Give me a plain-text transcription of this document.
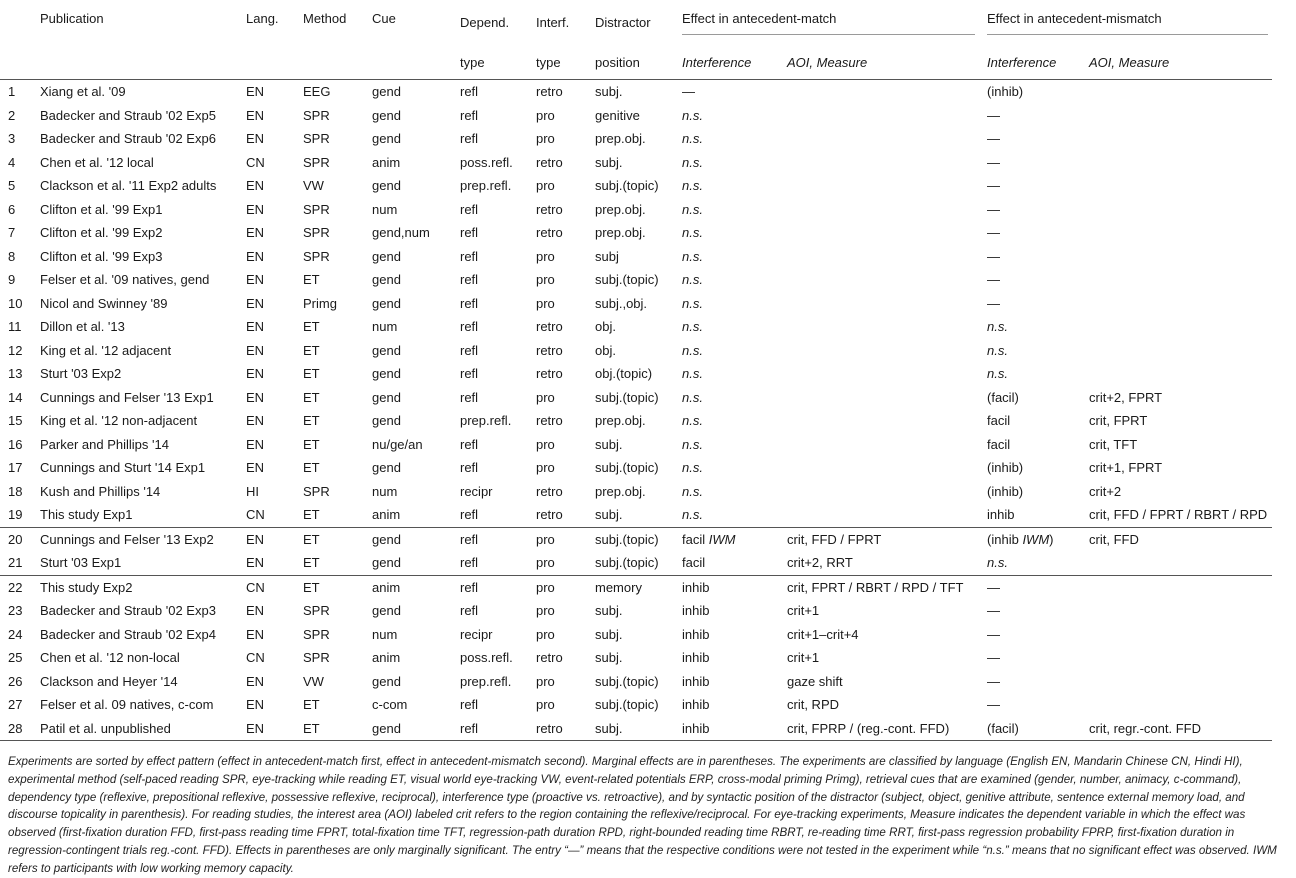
	Publication	Lang.	Method	Cue	Depend.	Interf.	Distractor	Effect in antecedent-match		Effect in antecedent-mismatch	

					type	type	position	Interference	AOI, Measure	Interference	AOI, Measure
1	Xiang et al. '09	EN	EEG	gend	refl	retro	subj.	—		(inhib)	
2	Badecker and Straub '02 Exp5	EN	SPR	gend	refl	pro	genitive	n.s.		—	
3	Badecker and Straub '02 Exp6	EN	SPR	gend	refl	pro	prep.obj.	n.s.		—	
4	Chen et al. '12 local	CN	SPR	anim	poss.refl.	retro	subj.	n.s.		—	
5	Clackson et al. '11 Exp2 adults	EN	VW	gend	prep.refl.	pro	subj.(topic)	n.s.		—	
6	Clifton et al. '99 Exp1	EN	SPR	num	refl	retro	prep.obj.	n.s.		—	
7	Clifton et al. '99 Exp2	EN	SPR	gend,num	refl	retro	prep.obj.	n.s.		—	
8	Clifton et al. '99 Exp3	EN	SPR	gend	refl	pro	subj	n.s.		—	
9	Felser et al. '09 natives, gend	EN	ET	gend	refl	pro	subj.(topic)	n.s.		—	
10	Nicol and Swinney '89	EN	Primg	gend	refl	pro	subj.,obj.	n.s.		—	
11	Dillon et al. '13	EN	ET	num	refl	retro	obj.	n.s.		n.s.	
12	King et al. '12 adjacent	EN	ET	gend	refl	retro	obj.	n.s.		n.s.	
13	Sturt '03 Exp2	EN	ET	gend	refl	retro	obj.(topic)	n.s.		n.s.	
14	Cunnings and Felser '13 Exp1	EN	ET	gend	refl	pro	subj.(topic)	n.s.		(facil)	crit+2, FPRT
15	King et al. '12 non-adjacent	EN	ET	gend	prep.refl.	retro	prep.obj.	n.s.		facil	crit, FPRT
16	Parker and Phillips '14	EN	ET	nu/ge/an	refl	pro	subj.	n.s.		facil	crit, TFT
17	Cunnings and Sturt '14 Exp1	EN	ET	gend	refl	pro	subj.(topic)	n.s.		(inhib)	crit+1, FPRT
18	Kush and Phillips '14	HI	SPR	num	recipr	retro	prep.obj.	n.s.		(inhib)	crit+2
19	This study Exp1	CN	ET	anim	refl	retro	subj.	n.s.		inhib	crit, FFD / FPRT / RBRT / RPD
20	Cunnings and Felser '13 Exp2	EN	ET	gend	refl	pro	subj.(topic)	facil IWM	crit, FFD / FPRT	(inhib IWM)	crit, FFD
21	Sturt '03 Exp1	EN	ET	gend	refl	pro	subj.(topic)	facil	crit+2, RRT	n.s.	
22	This study Exp2	CN	ET	anim	refl	pro	memory	inhib	crit, FPRT / RBRT / RPD / TFT	—	
23	Badecker and Straub '02 Exp3	EN	SPR	gend	refl	pro	subj.	inhib	crit+1	—	
24	Badecker and Straub '02 Exp4	EN	SPR	num	recipr	pro	subj.	inhib	crit+1–crit+4	—	
25	Chen et al. '12 non-local	CN	SPR	anim	poss.refl.	retro	subj.	inhib	crit+1	—	
26	Clackson and Heyer '14	EN	VW	gend	prep.refl.	pro	subj.(topic)	inhib	gaze shift	—	
27	Felser et al. 09 natives, c-com	EN	ET	c-com	refl	pro	subj.(topic)	inhib	crit, RPD	—	
28	Patil et al. unpublished	EN	ET	gend	refl	retro	subj.	inhib	crit, FPRP / (reg.-cont. FFD)	(facil)	crit, regr.-cont. FFD
Experiments are sorted by effect pattern (effect in antecedent-match first, effect in antecedent-mismatch second). Marginal effects are in parentheses. The experiments are classified by language (English EN, Mandarin Chinese CN, Hindi HI), experimental method (self-paced reading SPR, eye-tracking while reading ET, visual world eye-tracking VW, event-related potentials ERP, cross-modal priming Primg), retrieval cues that are examined (gender, number, animacy, c-command), dependency type (reflexive, prepositional reflexive, possessive reflexive, reciprocal), interference type (proactive vs. retroactive), and by syntactic position of the distractor (subject, object, genitive attribute, sentence external memory load, and discourse topicality in parenthesis). For reading studies, the interest area (AOI) labeled crit refers to the region containing the reflexive/reciprocal. For eye-tracking experiments, Measure indicates the dependent variable in which the effect was observed (first-fixation duration FFD, first-pass reading time FPRT, total-fixation time TFT, regression-path duration RPD, right-bounded reading time RBRT, re-reading time RRT, first-pass regression probability FPRP, first-fixation duration in regression-contingent trials reg.-cont. FFD). Effects in parentheses are only marginally significant. The entry “—” means that the respective conditions were not tested in the experiment while “n.s.” means that no significant effect was observed. IWM refers to participants with low working memory capacity.
